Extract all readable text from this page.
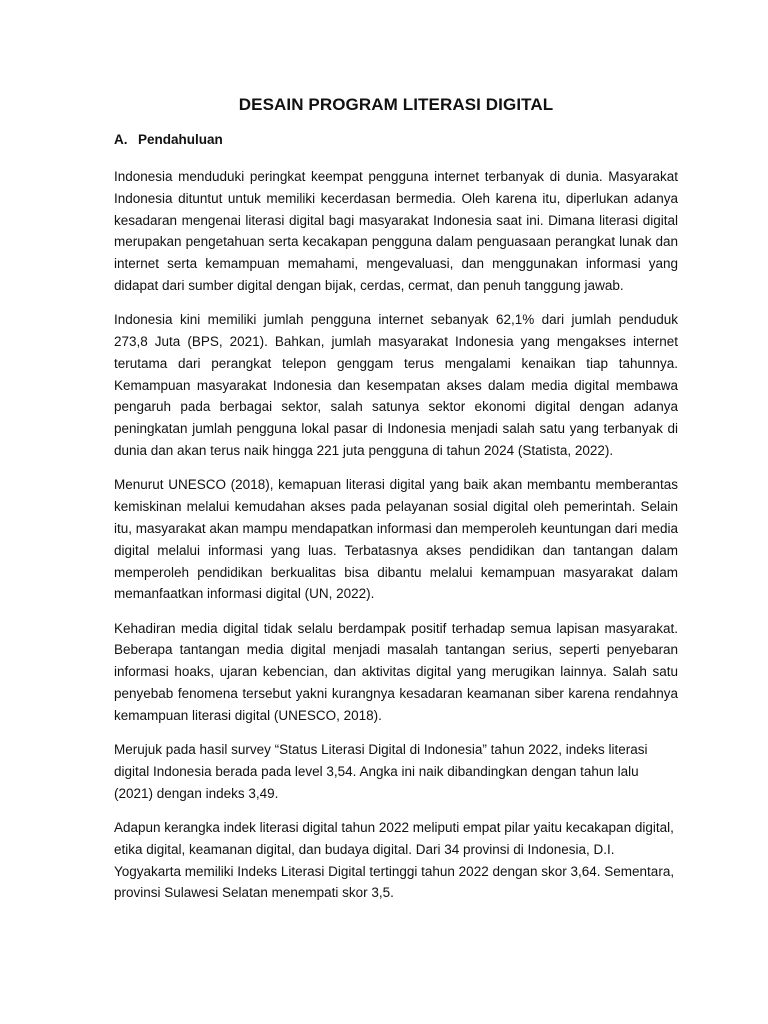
DESAIN PROGRAM LITERASI DIGITAL
A. Pendahuluan

Indonesia menduduki peringkat keempat pengguna internet terbanyak di dunia. Masyarakat Indonesia dituntut untuk memiliki kecerdasan bermedia. Oleh karena itu, diperlukan adanya kesadaran mengenai literasi digital bagi masyarakat Indonesia saat ini. Dimana literasi digital merupakan pengetahuan serta kecakapan pengguna dalam penguasaan perangkat lunak dan internet serta kemampuan memahami, mengevaluasi, dan menggunakan informasi yang didapat dari sumber digital dengan bijak, cerdas, cermat, dan penuh tanggung jawab.

Indonesia kini memiliki jumlah pengguna internet sebanyak 62,1% dari jumlah penduduk 273,8 Juta (BPS, 2021). Bahkan, jumlah masyarakat Indonesia yang mengakses internet terutama dari perangkat telepon genggam terus mengalami kenaikan tiap tahunnya. Kemampuan masyarakat Indonesia dan kesempatan akses dalam media digital membawa pengaruh pada berbagai sektor, salah satunya sektor ekonomi digital dengan adanya peningkatan jumlah pengguna lokal pasar di Indonesia menjadi salah satu yang terbanyak di dunia dan akan terus naik hingga 221 juta pengguna di tahun 2024 (Statista, 2022).

Menurut UNESCO (2018), kemapuan literasi digital yang baik akan membantu memberantas kemiskinan melalui kemudahan akses pada pelayanan sosial digital oleh pemerintah. Selain itu, masyarakat akan mampu mendapatkan informasi dan memperoleh keuntungan dari media digital melalui informasi yang luas. Terbatasnya akses pendidikan dan tantangan dalam memperoleh pendidikan berkualitas bisa dibantu melalui kemampuan masyarakat dalam memanfaatkan informasi digital (UN, 2022).

Kehadiran media digital tidak selalu berdampak positif terhadap semua lapisan masyarakat. Beberapa tantangan media digital menjadi masalah tantangan serius, seperti penyebaran informasi hoaks, ujaran kebencian, dan aktivitas digital yang merugikan lainnya. Salah satu penyebab fenomena tersebut yakni kurangnya kesadaran keamanan siber karena rendahnya kemampuan literasi digital (UNESCO, 2018).

Merujuk pada hasil survey “Status Literasi Digital di Indonesia” tahun 2022, indeks literasi digital Indonesia berada pada level 3,54. Angka ini naik dibandingkan dengan tahun lalu (2021) dengan indeks 3,49.

Adapun kerangka indek literasi digital tahun 2022 meliputi empat pilar yaitu kecakapan digital, etika digital, keamanan digital, dan budaya digital. Dari 34 provinsi di Indonesia, D.I. Yogyakarta memiliki Indeks Literasi Digital tertinggi tahun 2022 dengan skor 3,64. Sementara, provinsi Sulawesi Selatan menempati skor 3,5.
